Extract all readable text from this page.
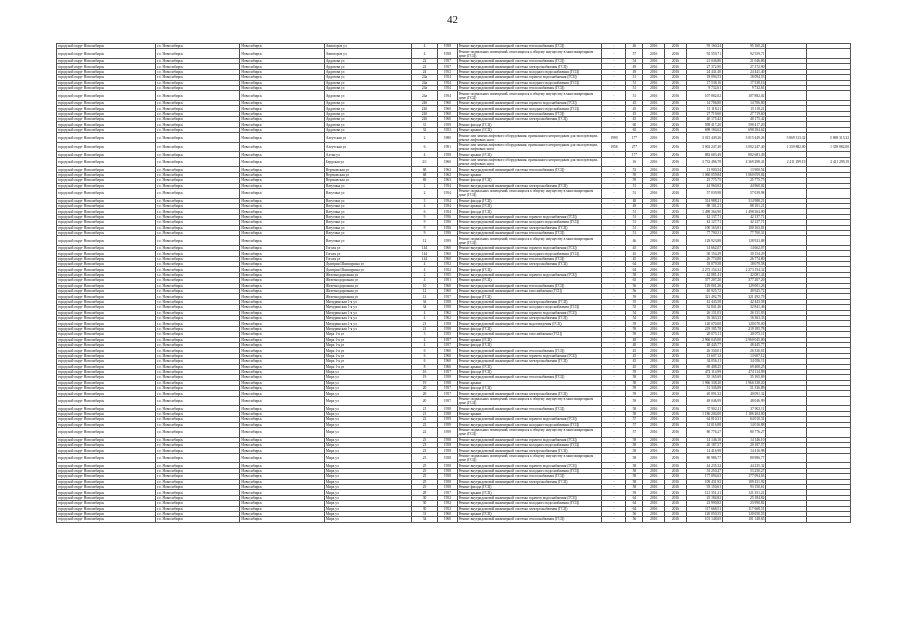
42
городской округ Новосибирск	г.о. Новосибирск	Новосибирск	Авиаторов ул	4	1958	Ремонт внутридомовой инженерной системы теплоснабжения (ГСЦ)	-	46	2016	2016	95 160,24	95 160,24		
городской округ Новосибирск	г.о. Новосибирск	Новосибирск	Авиаторов ул	4	1958	Ремонт подвальных помещений, относящихся к общему имуществу в многоквартирном доме (ГСЦ)	-	57	2016	2016	92 559,71	92 559,71		
городской округ Новосибирск	г.о. Новосибирск	Новосибирск	Ардатова ул	22	1957	Ремонт внутридомовой инженерной системы теплоснабжения (ГСЦ)	-	54	2016	2016	21 046,86	21 046,86		
городской округ Новосибирск	г.о. Новосибирск	Новосибирск	Ардатова ул	22	1957	Ремонт внутридомовой инженерной системы электроснабжения (ГСЦ)	-	49	2016	2016	27 372,90	27 372,90		
городской округ Новосибирск	г.о. Новосибирск	Новосибирск	Ардатова ул	24	1952	Ремонт внутридомовой инженерной системы холодного водоснабжения (ГСЦ)	-	49	2016	2016	24 441,40	24 441,40		
городской округ Новосибирск	г.о. Новосибирск	Новосибирск	Ардатова ул	24а	1954	Ремонт внутридомовой инженерной системы горячего водоснабжения (ГСЦ)	-	51	2016	2016	18 094,53	18 094,53		
городской округ Новосибирск	г.о. Новосибирск	Новосибирск	Ардатова ул	24а	1954	Ремонт внутридомовой инженерной системы холодного водоснабжения (ГСЦ)	-	51	2016	2016	17 538,16	17 538,16		
городской округ Новосибирск	г.о. Новосибирск	Новосибирск	Ардатова ул	24а	1954	Ремонт внутридомовой инженерной системы теплоснабжения (ГСЦ)	-	51	2016	2016	9 732,61	9 732,61		
городской округ Новосибирск	г.о. Новосибирск	Новосибирск	Ардатова ул	24а	1954	Ремонт подвальных помещений, относящихся к общему имуществу в многоквартирном доме (ГСЦ)	-	51	2016	2016	107 882,02	107 882,02		
городской округ Новосибирск	г.о. Новосибирск	Новосибирск	Ардатова ул	24б	1960	Ремонт внутридомовой инженерной системы горячего водоснабжения (ГСЦ)	-	45	2016	2016	14 706,80	14 706,80		
городской округ Новосибирск	г.о. Новосибирск	Новосибирск	Ардатова ул	24б	1960	Ремонт внутридомовой инженерной системы холодного водоснабжения (ГСЦ)	-	45	2016	2016	15 118,21	15 118,21		
городской округ Новосибирск	г.о. Новосибирск	Новосибирск	Ардатова ул	24б	1960	Ремонт внутридомовой инженерной системы теплоснабжения (ГСЦ)	-	45	2016	2016	27 719,60	27 719,60		
городской округ Новосибирск	г.о. Новосибирск	Новосибирск	Ардатова ул	24б	1960	Ремонт внутридомовой инженерной системы электроснабжения (ГСЦ)	-	45	2016	2016	40 175,42	40 175,42		
городской округ Новосибирск	г.о. Новосибирск	Новосибирск	Ардатова ул	31	1959	Ремонт фасада (ГСЦ)	-	60	2016	2016	598 417,20	598 417,20		
городской округ Новосибирск	г.о. Новосибирск	Новосибирск	Ардатова ул	32	1953	Ремонт крыши (ГСЦ)	-	65	2016	2016	698 184,62	698 184,62		
городской округ Новосибирск	г.о. Новосибирск	Новосибирск	Алеутская ул	2	1980	Ремонт или замена лифтового оборудования, признанного непригодным для эксплуатации, ремонт лифтовых шахт	1990	17*	2016	2016	3 015 449,26	3 015 449,26	5 869 313,32	5 869 313,32
городской округ Новосибирск	г.о. Новосибирск	Новосибирск	Алеутская ул	6	1991	Ремонт или замена лифтового оборудования, признанного непригодным для эксплуатации, ремонт лифтовых шахт	1958	27*	2016	2016	3 002 247,40	3 002 247,40	1 359 882,00	1 359 882,00
городской округ Новосибирск	г.о. Новосибирск	Новосибирск	Алтаи ул	4	1958	Ремонт крыши (ГСЦ)	-	17*	2016	2016	882 683,49	882 683,49		
городской округ Новосибирск	г.о. Новосибирск	Новосибирск	Бердская ул	2/1	1960	Ремонт или замена лифтового оборудования, признанного непригодным для эксплуатации, ремонт лифтовых шахт	-	16	2016	2016	3 733 496,78	4 369 298,41	2 411 299,19	2 411 299,19
городской округ Новосибирск	г.о. Новосибирск	Новосибирск	Вертковская ул	68	1962	Ремонт внутридомовой инженерной системы теплоснабжения (ГСЦ)	-	53	2016	2016	13 900,54	13 900,54		
городской округ Новосибирск	г.о. Новосибирск	Новосибирск	Вертковская ул	68	1962	Ремонт крыши	-	59	2016	2016	1 060 059,84	1 060 059,84		
городской округ Новосибирск	г.о. Новосибирск	Новосибирск	Вертковская ул	69	1963	Ремонт фасада (ГСЦ)	-	59	2016	2016	25 775,75	25 775,75		
городской округ Новосибирск	г.о. Новосибирск	Новосибирск	Ватутина ул	2	1954	Ремонт внутридомовой инженерной системы электроснабжения (ГСЦ)	-	51	2016	2016	44 960,02	44 960,02		
городской округ Новосибирск	г.о. Новосибирск	Новосибирск	Ватутина ул	2	1954	Ремонт подвальных помещений, относящихся к общему имуществу в многоквартирном доме (ГСЦ)	-	51	2016	2016	57 039,98	57 039,98		
городской округ Новосибирск	г.о. Новосибирск	Новосибирск	Ватутина ул	3	1954	Ремонт фасада (ГСЦ)	-	48	2016	2016	314 988,21	314 988,21		
городской округ Новосибирск	г.о. Новосибирск	Новосибирск	Ватутина ул	4	1954	Ремонт крыши (ГСЦ)	-	49	2016	2016	88 101,21	88 101,21		
городской округ Новосибирск	г.о. Новосибирск	Новосибирск	Ватутина ул	6	1954	Ремонт фасада (ГСЦ)	-	51	2016	2016	1 498 364,90	1 498 364,90		
городской округ Новосибирск	г.о. Новосибирск	Новосибирск	Ватутина ул	9	1956	Ремонт внутридомовой инженерной системы горячего водоснабжения (ГСЦ)	-	51	2016	2016	42 137,71	42 137,71		
городской округ Новосибирск	г.о. Новосибирск	Новосибирск	Ватутина ул	9	1956	Ремонт внутридомовой инженерной системы холодного водоснабжения (ГСЦ)	-	51	2016	2016	42 127,71	42 127,71		
городской округ Новосибирск	г.о. Новосибирск	Новосибирск	Ватутина ул	9	1956	Ремонт внутридомовой инженерной системы электроснабжения (ГСЦ)	-	51	2016	2016	100 163,81	100 163,81		
городской округ Новосибирск	г.о. Новосибирск	Новосибирск	Ватутина ул	9	1956	Ремонт внутридомовой инженерной системы теплоснабжения (ГСЦ)	-	51	2016	2016	77 700,31	77 700,31		
городской округ Новосибирск	г.о. Новосибирск	Новосибирск	Ватутина ул	12	1959	Ремонт подвальных помещений, относящихся к общему имуществу в многоквартирном доме (ГСЦ)	-	46	2016	2016	128 923,88	128 923,88		
городской округ Новосибирск	г.о. Новосибирск	Новосибирск	Гоголя ул	144	1960	Ремонт внутридомовой инженерной системы горячего водоснабжения (ГСЦ)	-	45	2016	2016	14 662,07	14 662,07		
городской округ Новосибирск	г.о. Новосибирск	Новосибирск	Гоголя ул	144	1960	Ремонт внутридомовой инженерной системы холодного водоснабжения (ГСЦ)	-	45	2016	2016	30 154,29	30 154,29		
городской округ Новосибирск	г.о. Новосибирск	Новосибирск	Гоголя ул	144	1960	Ремонт внутридомовой инженерной системы теплоснабжения (ГСЦ)	-	45	2016	2016	26 774,80	26 774,80		
городской округ Новосибирск	г.о. Новосибирск	Новосибирск	Дмитрия Шамшурина ул	4	1952	Ремонт внутридомовой инженерной системы электроснабжения (ГСЦ)	-	64	2016	2016	18 079,58	18 079,58		
городской округ Новосибирск	г.о. Новосибирск	Новосибирск	Дмитрия Шамшурина ул	4	1952	Ремонт фасада (ГСЦ)	-	64	2016	2016	2 273 154,32	2 273 154,32		
городской округ Новосибирск	г.о. Новосибирск	Новосибирск	Железнодорожная ул	2	1955	Ремонт внутридомовой инженерной системы горячего водоснабжения (ГСЦ)	-	58	2016	2016	42 081,41	42 081,41		
городской округ Новосибирск	г.о. Новосибирск	Новосибирск	Железнодорожная ул	4	1951	Ремонт крыши (ГСЦ)	-	65	2016	2016	377 207,20	377 207,20		
городской округ Новосибирск	г.о. Новосибирск	Новосибирск	Железнодорожная ул	10	1960	Ремонт внутридомовой инженерной системы теплоснабжения (ГСЦ)	-	56	2016	2016	129 001,26	129 001,26		
городской округ Новосибирск	г.о. Новосибирск	Новосибирск	Железнодорожная ул	12	1960	Ремонт внутридомовой инженерной системы газоснабжения (ГСЦ)	-	56	2016	2016	40 925,72	40 925,72		
городской округ Новосибирск	г.о. Новосибирск	Новосибирск	Железнодорожная ул	12	1957	Ремонт фасада (ГСЦ)	-	59	2016	2016	321 492,79	321 492,79		
городской округ Новосибирск	г.о. Новосибирск	Новосибирск	Мичуринская 1-я ул	34	1958	Ремонт внутридомовой инженерной системы электроснабжения (ГСЦ)	-	55	2016	2016	42 443,58	42 443,58		
городской округ Новосибирск	г.о. Новосибирск	Новосибирск	Мичуринская 1-я ул	34	1958	Ремонт внутридомовой инженерной системы холодного водоснабжения (ГСЦ)	-	55	2016	2016	32 841,46	32 841,46		
городской округ Новосибирск	г.о. Новосибирск	Новосибирск	Мичуринская 1-я ул	4	1962	Ремонт внутридомовой инженерной системы горячего водоснабжения (ГСЦ)	-	54	2016	2016	26 131,03	26 131,03		
городской округ Новосибирск	г.о. Новосибирск	Новосибирск	Мичуринская 1-я ул	4	1962	Ремонт внутридомовой инженерной системы электроснабжения (ГСЦ)	-	54	2016	2016	16 363,33	16 363,33		
городской округ Новосибирск	г.о. Новосибирск	Новосибирск	Мичуринская 1-я ул	21	1958	Ремонт внутридомовой инженерной системы водоотведения (ГСЦ)	-	59	2016	2016	120 070,00	120 070,00		
городской округ Новосибирск	г.о. Новосибирск	Новосибирск	Мичуринская 1-я ул	21	1958	Ремонт фасада (ГСЦ)	-	59	2016	2016	219 185,78	219 185,78		
городской округ Новосибирск	г.о. Новосибирск	Новосибирск	Мира 1-я ул	3	1955	Ремонт внутридомовой инженерной системы газоснабжения (ГСЦ)	-	59	2016	2016	20 075,11	20 075,11		
городской округ Новосибирск	г.о. Новосибирск	Новосибирск	Мира 1-я ул	4	1957	Ремонт крыши (ГСЦ)	-	48	2016	2016	2 960 045,00	2 960 045,00		
городской округ Новосибирск	г.о. Новосибирск	Новосибирск	Мира 1-я ул	4	1957	Ремонт фасада (ГСЦ)	-	48	2016	2016	48 445,77	48 445,77		
городской округ Новосибирск	г.о. Новосибирск	Новосибирск	Мира 1-я ул	6	1960	Ремонт внутридомовой инженерной системы теплоснабжения (ГСЦ)	-	45	2016	2016	26 330,01	26 330,01		
городской округ Новосибирск	г.о. Новосибирск	Новосибирск	Мира 1-я ул	6	1960	Ремонт внутридомовой инженерной системы горячего водоснабжения (ГСЦ)	-	45	2016	2016	13 607,12	13 607,12		
городской округ Новосибирск	г.о. Новосибирск	Новосибирск	Мира 1-я ул	6	1960	Ремонт внутридомовой инженерной системы электроснабжения (ГСЦ)	-	45	2016	2016	34 056,11	34 056,11		
городской округ Новосибирск	г.о. Новосибирск	Новосибирск	Мира 1-я ул	8	1960	Ремонт крыши (ГСЦ)	-	45	2016	2016	69 408,25	69 408,25		
городской округ Новосибирск	г.о. Новосибирск	Новосибирск	Мира ул	16	1957	Ремонт фасада (ГСЦ)	-	59	2016	2016	474 114,99	474 114,99		
городской округ Новосибирск	г.о. Новосибирск	Новосибирск	Мира ул	19	1958	Ремонт внутридомовой инженерной системы теплоснабжения (ГСЦ)	-	58	2016	2016	35 165,69	35 165,69		
городской округ Новосибирск	г.о. Новосибирск	Новосибирск	Мира ул	19	1958	Ремонт крыши	-	58	2016	2016	1 966 338,20	1 966 338,20		
городской округ Новосибирск	г.о. Новосибирск	Новосибирск	Мира ул	20	1957	Ремонт фасада (ГСЦ)	-	59	2016	2016	51 336,89	51 336,89		
городской округ Новосибирск	г.о. Новосибирск	Новосибирск	Мира ул	20	1957	Ремонт внутридомовой инженерной системы электроснабжения (ГСЦ)	-	59	2016	2016	40 091,32	40 091,32		
городской округ Новосибирск	г.о. Новосибирск	Новосибирск	Мира ул	20	1957	Ремонт подвальных помещений, относящихся к общему имуществу в многоквартирном доме (ГСЦ)	-	59	2016	2016	48 046,99	48 046,99		
городской округ Новосибирск	г.о. Новосибирск	Новосибирск	Мира ул	21	1958	Ремонт внутридомовой инженерной системы теплоснабжения (ГСЦ)	-	58	2016	2016	37 902,11	37 902,11		
городской округ Новосибирск	г.о. Новосибирск	Новосибирск	Мира ул	21	1958	Ремонт крыши	-	58	2016	2016	1 186 204,00	1 186 204,00		
городской округ Новосибирск	г.о. Новосибирск	Новосибирск	Мира ул	22	1959	Ремонт внутридомовой инженерной системы горячего водоснабжения (ГСЦ)	-	57	2016	2016	64 010,31	64 010,31		
городской округ Новосибирск	г.о. Новосибирск	Новосибирск	Мира ул	22	1959	Ремонт внутридомовой инженерной системы холодного водоснабжения (ГСЦ)	-	57	2016	2016	14 016,88	14 016,88		
городской округ Новосибирск	г.о. Новосибирск	Новосибирск	Мира ул	22	1959	Ремонт подвальных помещений, относящихся к общему имуществу в многоквартирном доме (ГСЦ)	-	57	2016	2016	80 776,27	80 776,27		
городской округ Новосибирск	г.о. Новосибирск	Новосибирск	Мира ул	23	1958	Ремонт внутридомовой инженерной системы горячего водоснабжения (ГСЦ)	-	58	2016	2016	14 146,10	14 146,10		
городской округ Новосибирск	г.о. Новосибирск	Новосибирск	Мира ул	23	1958	Ремонт внутридомовой инженерной системы холодного водоснабжения (ГСЦ)	-	58	2016	2016	20 187,57	20 187,57		
городской округ Новосибирск	г.о. Новосибирск	Новосибирск	Мира ул	23	1958	Ремонт внутридомовой инженерной системы электроснабжения (ГСЦ)	-	58	2016	2016	14 416,98	14 416,98		
городской округ Новосибирск	г.о. Новосибирск	Новосибирск	Мира ул	23	1958	Ремонт подвальных помещений, относящихся к общему имуществу в многоквартирном доме (ГСЦ)	-	58	2016	2016	80 986,77	80 986,77		
городской округ Новосибирск	г.о. Новосибирск	Новосибирск	Мира ул	25	1958	Ремонт внутридомовой инженерной системы горячего водоснабжения (ГСЦ)	-	58	2016	2016	44 235,32	44 235,32		
городской округ Новосибирск	г.о. Новосибирск	Новосибирск	Мира ул	25	1958	Ремонт внутридомовой инженерной системы холодного водоснабжения (ГСЦ)	-	58	2016	2016	53 250,27	53 250,27		
городской округ Новосибирск	г.о. Новосибирск	Новосибирск	Мира ул	25	1958	Ремонт внутридомовой инженерной системы теплоснабжения (ГСЦ)	-	58	2016	2016	177 094,63	177 094,63		
городской округ Новосибирск	г.о. Новосибирск	Новосибирск	Мира ул	25	1958	Ремонт внутридомовой инженерной системы электроснабжения (ГСЦ)	-	58	2016	2016	109 431,92	109 431,92		
городской округ Новосибирск	г.о. Новосибирск	Новосибирск	Мира ул	25	1958	Ремонт фасада (ГСЦ)	-	58	2016	2016	93 150,61	93 150,61		
городской округ Новосибирск	г.о. Новосибирск	Новосибирск	Мира ул	28	1957	Ремонт крыши (ГСЦ)	-	59	2016	2016	121 351,21	121 351,21		
городской округ Новосибирск	г.о. Новосибирск	Новосибирск	Мира ул	30	1952	Ремонт внутридомовой инженерной системы горячего водоснабжения (ГСЦ)	-	64	2016	2016	25 184,82	25 184,82		
городской округ Новосибирск	г.о. Новосибирск	Новосибирск	Мира ул	30	1952	Ремонт внутридомовой инженерной системы холодного водоснабжения (ГСЦ)	-	64	2016	2016	23 990,82	23 990,82		
городской округ Новосибирск	г.о. Новосибирск	Новосибирск	Мира ул	30	1952	Ремонт внутридомовой инженерной системы электроснабжения (ГСЦ)	-	64	2016	2016	117 668,51	117 668,51		
городской округ Новосибирск	г.о. Новосибирск	Новосибирск	Мира ул	31	1960	Ремонт крыши (ГСЦ)	-	56	2016	2016	120 050,55	120 050,55		
городской округ Новосибирск	г.о. Новосибирск	Новосибирск	Мира ул	34	1960	Ремонт внутридомовой инженерной системы теплоснабжения (ГСЦ)	-	56	2016	2016	101 148,65	101 148,65		
